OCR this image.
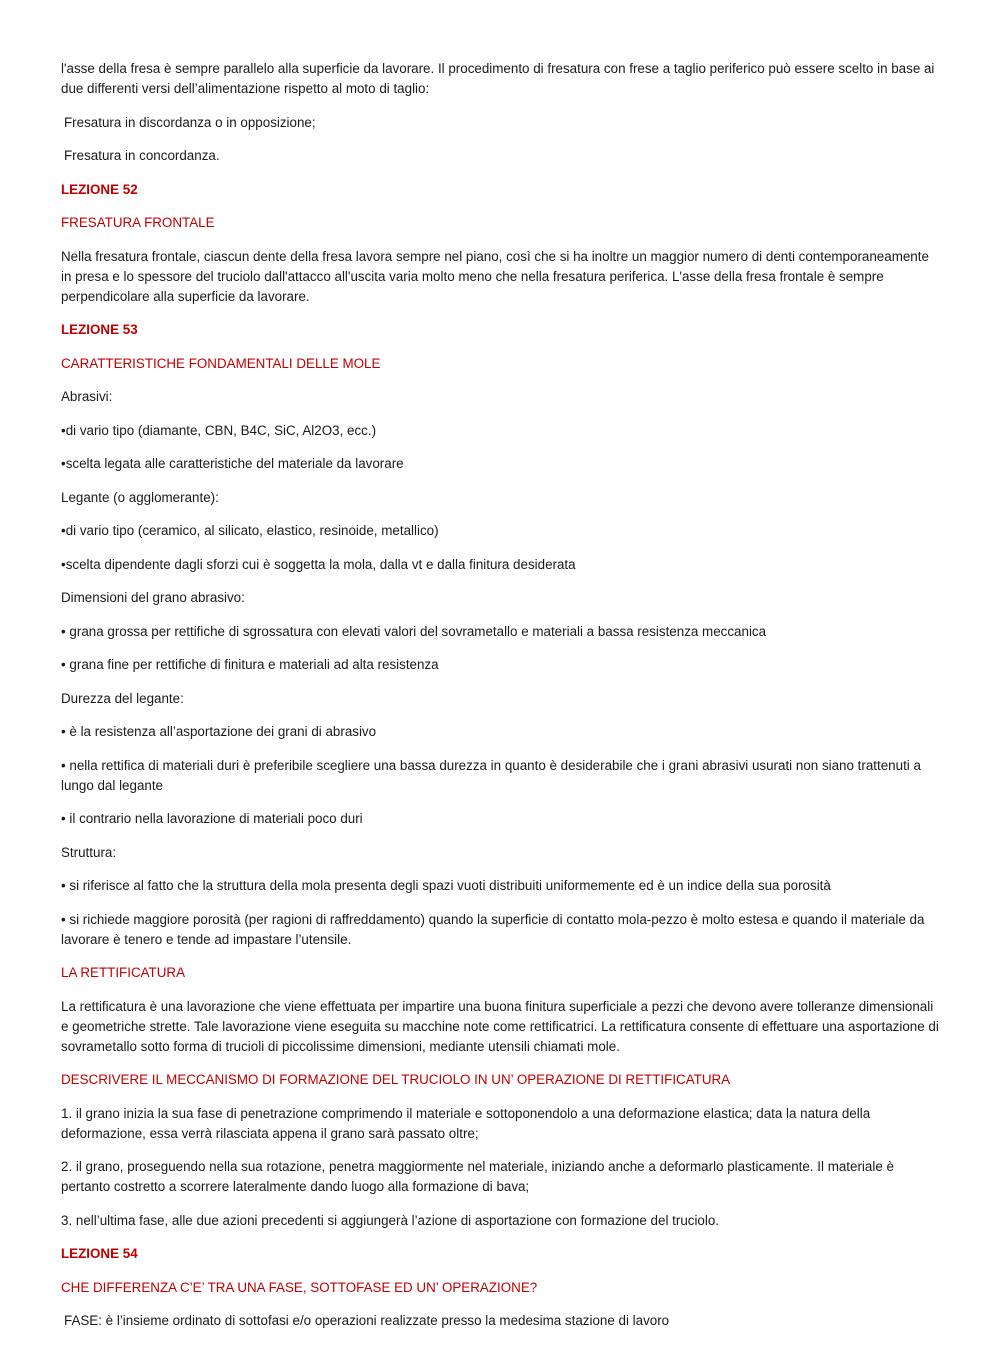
l'asse della fresa è sempre parallelo alla superficie da lavorare. Il procedimento di fresatura con frese a taglio periferico può essere scelto in base ai due differenti versi dell’alimentazione rispetto al moto di taglio:

Fresatura in discordanza o in opposizione;

Fresatura in concordanza.

LEZIONE 52

FRESATURA FRONTALE

Nella fresatura frontale, ciascun dente della fresa lavora sempre nel piano, così che si ha inoltre un maggior numero di denti contemporaneamente in presa e lo spessore del truciolo dall'attacco all'uscita varia molto meno che nella fresatura periferica. L'asse della fresa frontale è sempre perpendicolare alla superficie da lavorare.

LEZIONE 53

CARATTERISTICHE FONDAMENTALI DELLE MOLE

Abrasivi:

•di vario tipo (diamante, CBN, B4C, SiC, Al2O3, ecc.)

•scelta legata alle caratteristiche del materiale da lavorare

Legante (o agglomerante):

•di vario tipo (ceramico, al silicato, elastico, resinoide, metallico)

•scelta dipendente dagli sforzi cui è soggetta la mola, dalla vt e dalla finitura desiderata

Dimensioni del grano abrasivo:

• grana grossa per rettifiche di sgrossatura con elevati valori del sovrametallo e materiali a bassa resistenza meccanica

• grana fine per rettifiche di finitura e materiali ad alta resistenza

Durezza del legante:

• è la resistenza all’asportazione dei grani di abrasivo

• nella rettifica di materiali duri è preferibile scegliere una bassa durezza in quanto è desiderabile che i grani abrasivi usurati non siano trattenuti a lungo dal legante

• il contrario nella lavorazione di materiali poco duri

Struttura:

• si riferisce al fatto che la struttura della mola presenta degli spazi vuoti distribuiti uniformemente ed è un indice della sua porosità

• si richiede maggiore porosità (per ragioni di raffreddamento) quando la superficie di contatto mola-pezzo è molto estesa e quando il materiale da lavorare è tenero e tende ad impastare l’utensile.

LA RETTIFICATURA

La rettificatura è una lavorazione che viene effettuata per impartire una buona finitura superficiale a pezzi che devono avere tolleranze dimensionali e geometriche strette. Tale lavorazione viene eseguita su macchine note come rettificatrici. La rettificatura consente di effettuare una asportazione di sovrametallo sotto forma di trucioli di piccolissime dimensioni, mediante utensili chiamati mole.

DESCRIVERE IL MECCANISMO DI FORMAZIONE DEL TRUCIOLO IN UN’ OPERAZIONE DI RETTIFICATURA

1. il grano inizia la sua fase di penetrazione comprimendo il materiale e sottoponendolo a una deformazione elastica; data la natura della deformazione, essa verrà rilasciata appena il grano sarà passato oltre;

2. il grano, proseguendo nella sua rotazione, penetra maggiormente nel materiale, iniziando anche a deformarlo plasticamente. Il materiale è pertanto costretto a scorrere lateralmente dando luogo alla formazione di bava;

3. nell’ultima fase, alle due azioni precedenti si aggiungerà l’azione di asportazione con formazione del truciolo.

LEZIONE 54

CHE DIFFERENZA C’E’ TRA UNA FASE, SOTTOFASE ED UN’ OPERAZIONE?

FASE: è l’insieme ordinato di sottofasi e/o operazioni realizzate presso la medesima stazione di lavoro
